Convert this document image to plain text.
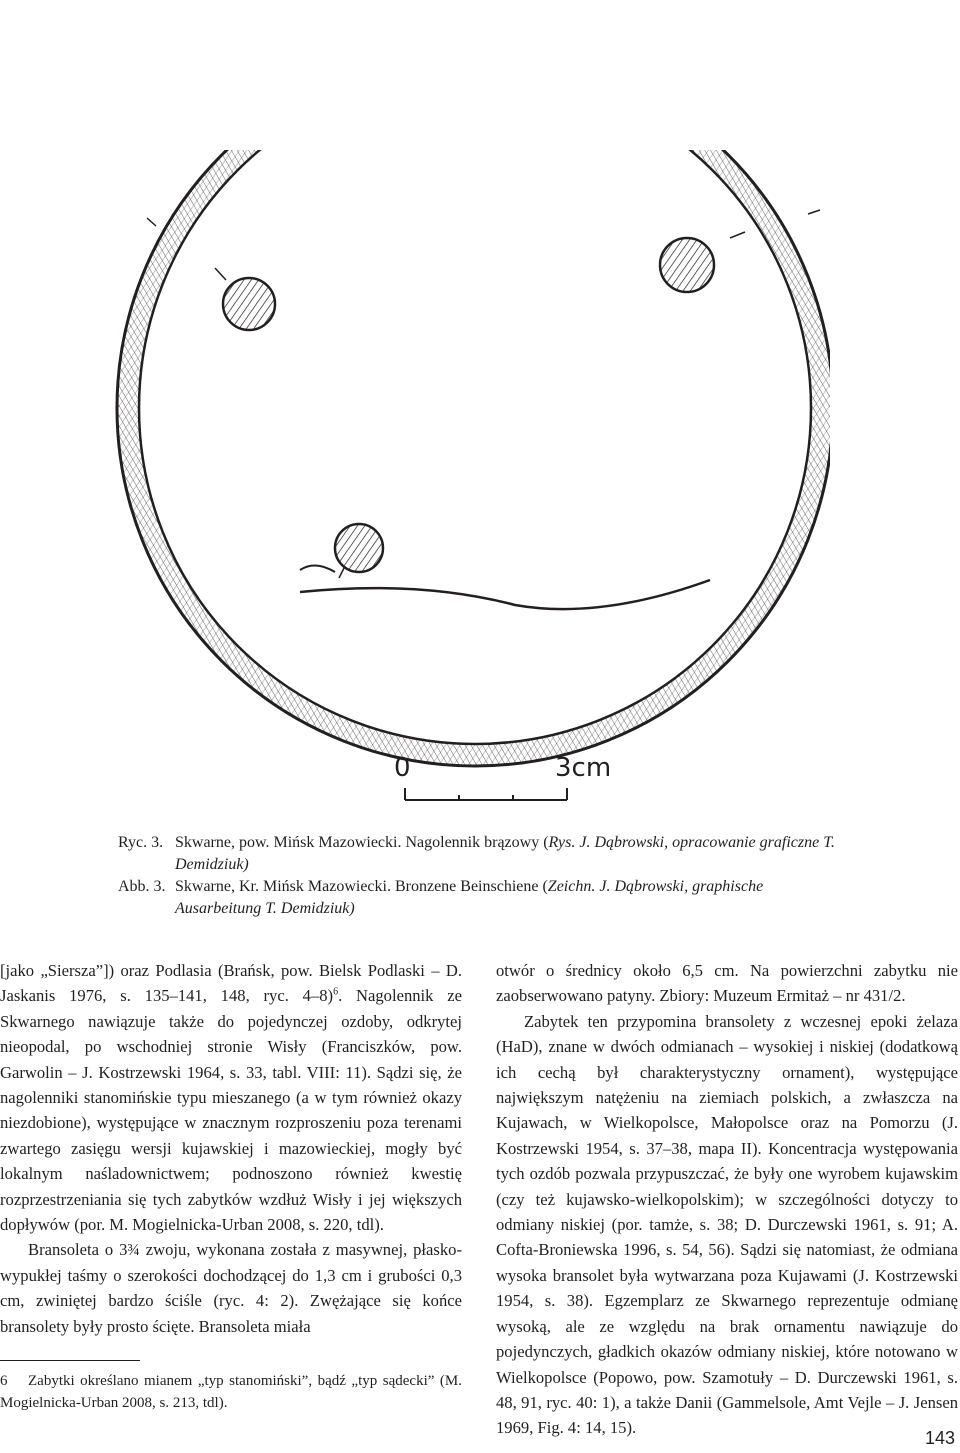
0	3cm
Ryc. 3. Skwarne, pow. Mińsk Mazowiecki. Nagolennik brązowy (Rys. J. Dąbrowski, opracowanie graficzne T. Demidziuk)
Abb. 3. Skwarne, Kr. Mińsk Mazowiecki. Bronzene Beinschiene (Zeichn. J. Dąbrowski, graphische Ausarbeitung T. Demidziuk)

[jako „Siersza”]) oraz Podlasia (Brańsk, pow. Bielsk Podlaski – D. Jaskanis 1976, s. 135–141, 148, ryc. 4–8)$^6$. Nagolennik ze Skwarnego nawiązuje także do pojedynczej ozdoby, odkrytej nieopodal, po wschodniej stronie Wisły (Franciszków, pow. Garwolin – J. Kostrzewski 1964, s. 33, tabl. VIII: 11). Sądzi się, że nagolenniki stanomińskie typu mieszanego (a w tym również okazy niezdobione), występujące w znacznym rozproszeniu poza terenami zwartego zasięgu wersji kujawskiej i mazowieckiej, mogły być lokalnym naśladownictwem; podnoszono również kwestię rozprzestrzeniania się tych zabytków wzdłuż Wisły i jej większych dopływów (por. M. Mogielnicka-Urban 2008, s. 220, tdl).

Bransoleta o 3¾ zwoju, wykonana została z masywnej, płasko-wypukłej taśmy o szerokości dochodzącej do 1,3 cm i grubości 0,3 cm, zwiniętej bardzo ściśle (ryc. 4: 2). Zwężające się końce bransolety były prosto ścięte. Bransoleta miała

6 Zabytki określano mianem „typ stanomiński”, bądź „typ sądecki” (M. Mogielnicka-Urban 2008, s. 213, tdl).

otwór o średnicy około 6,5 cm. Na powierzchni zabytku nie zaobserwowano patyny. Zbiory: Muzeum Ermitaż – nr 431/2.

Zabytek ten przypomina bransolety z wczesnej epoki żelaza (HaD), znane w dwóch odmianach – wysokiej i niskiej (dodatkową ich cechą był charakterystyczny ornament), występujące największym natężeniu na ziemiach polskich, a zwłaszcza na Kujawach, w Wielkopolsce, Małopolsce oraz na Pomorzu (J. Kostrzewski 1954, s. 37–38, mapa II). Koncentracja występowania tych ozdób pozwala przypuszczać, że były one wyrobem kujawskim (czy też kujawsko-wielkopolskim); w szczególności dotyczy to odmiany niskiej (por. tamże, s. 38; D. Durczewski 1961, s. 91; A. Cofta-Broniewska 1996, s. 54, 56). Sądzi się natomiast, że odmiana wysoka bransolet była wytwarzana poza Kujawami (J. Kostrzewski 1954, s. 38). Egzemplarz ze Skwarnego reprezentuje odmianę wysoką, ale ze względu na brak ornamentu nawiązuje do pojedynczych, gładkich okazów odmiany niskiej, które notowano w Wielkopolsce (Popowo, pow. Szamotuły – D. Durczewski 1961, s. 48, 91, ryc. 40: 1), a także Danii (Gammelsole, Amt Vejle – J. Jensen 1969, Fig. 4: 14, 15).

143
